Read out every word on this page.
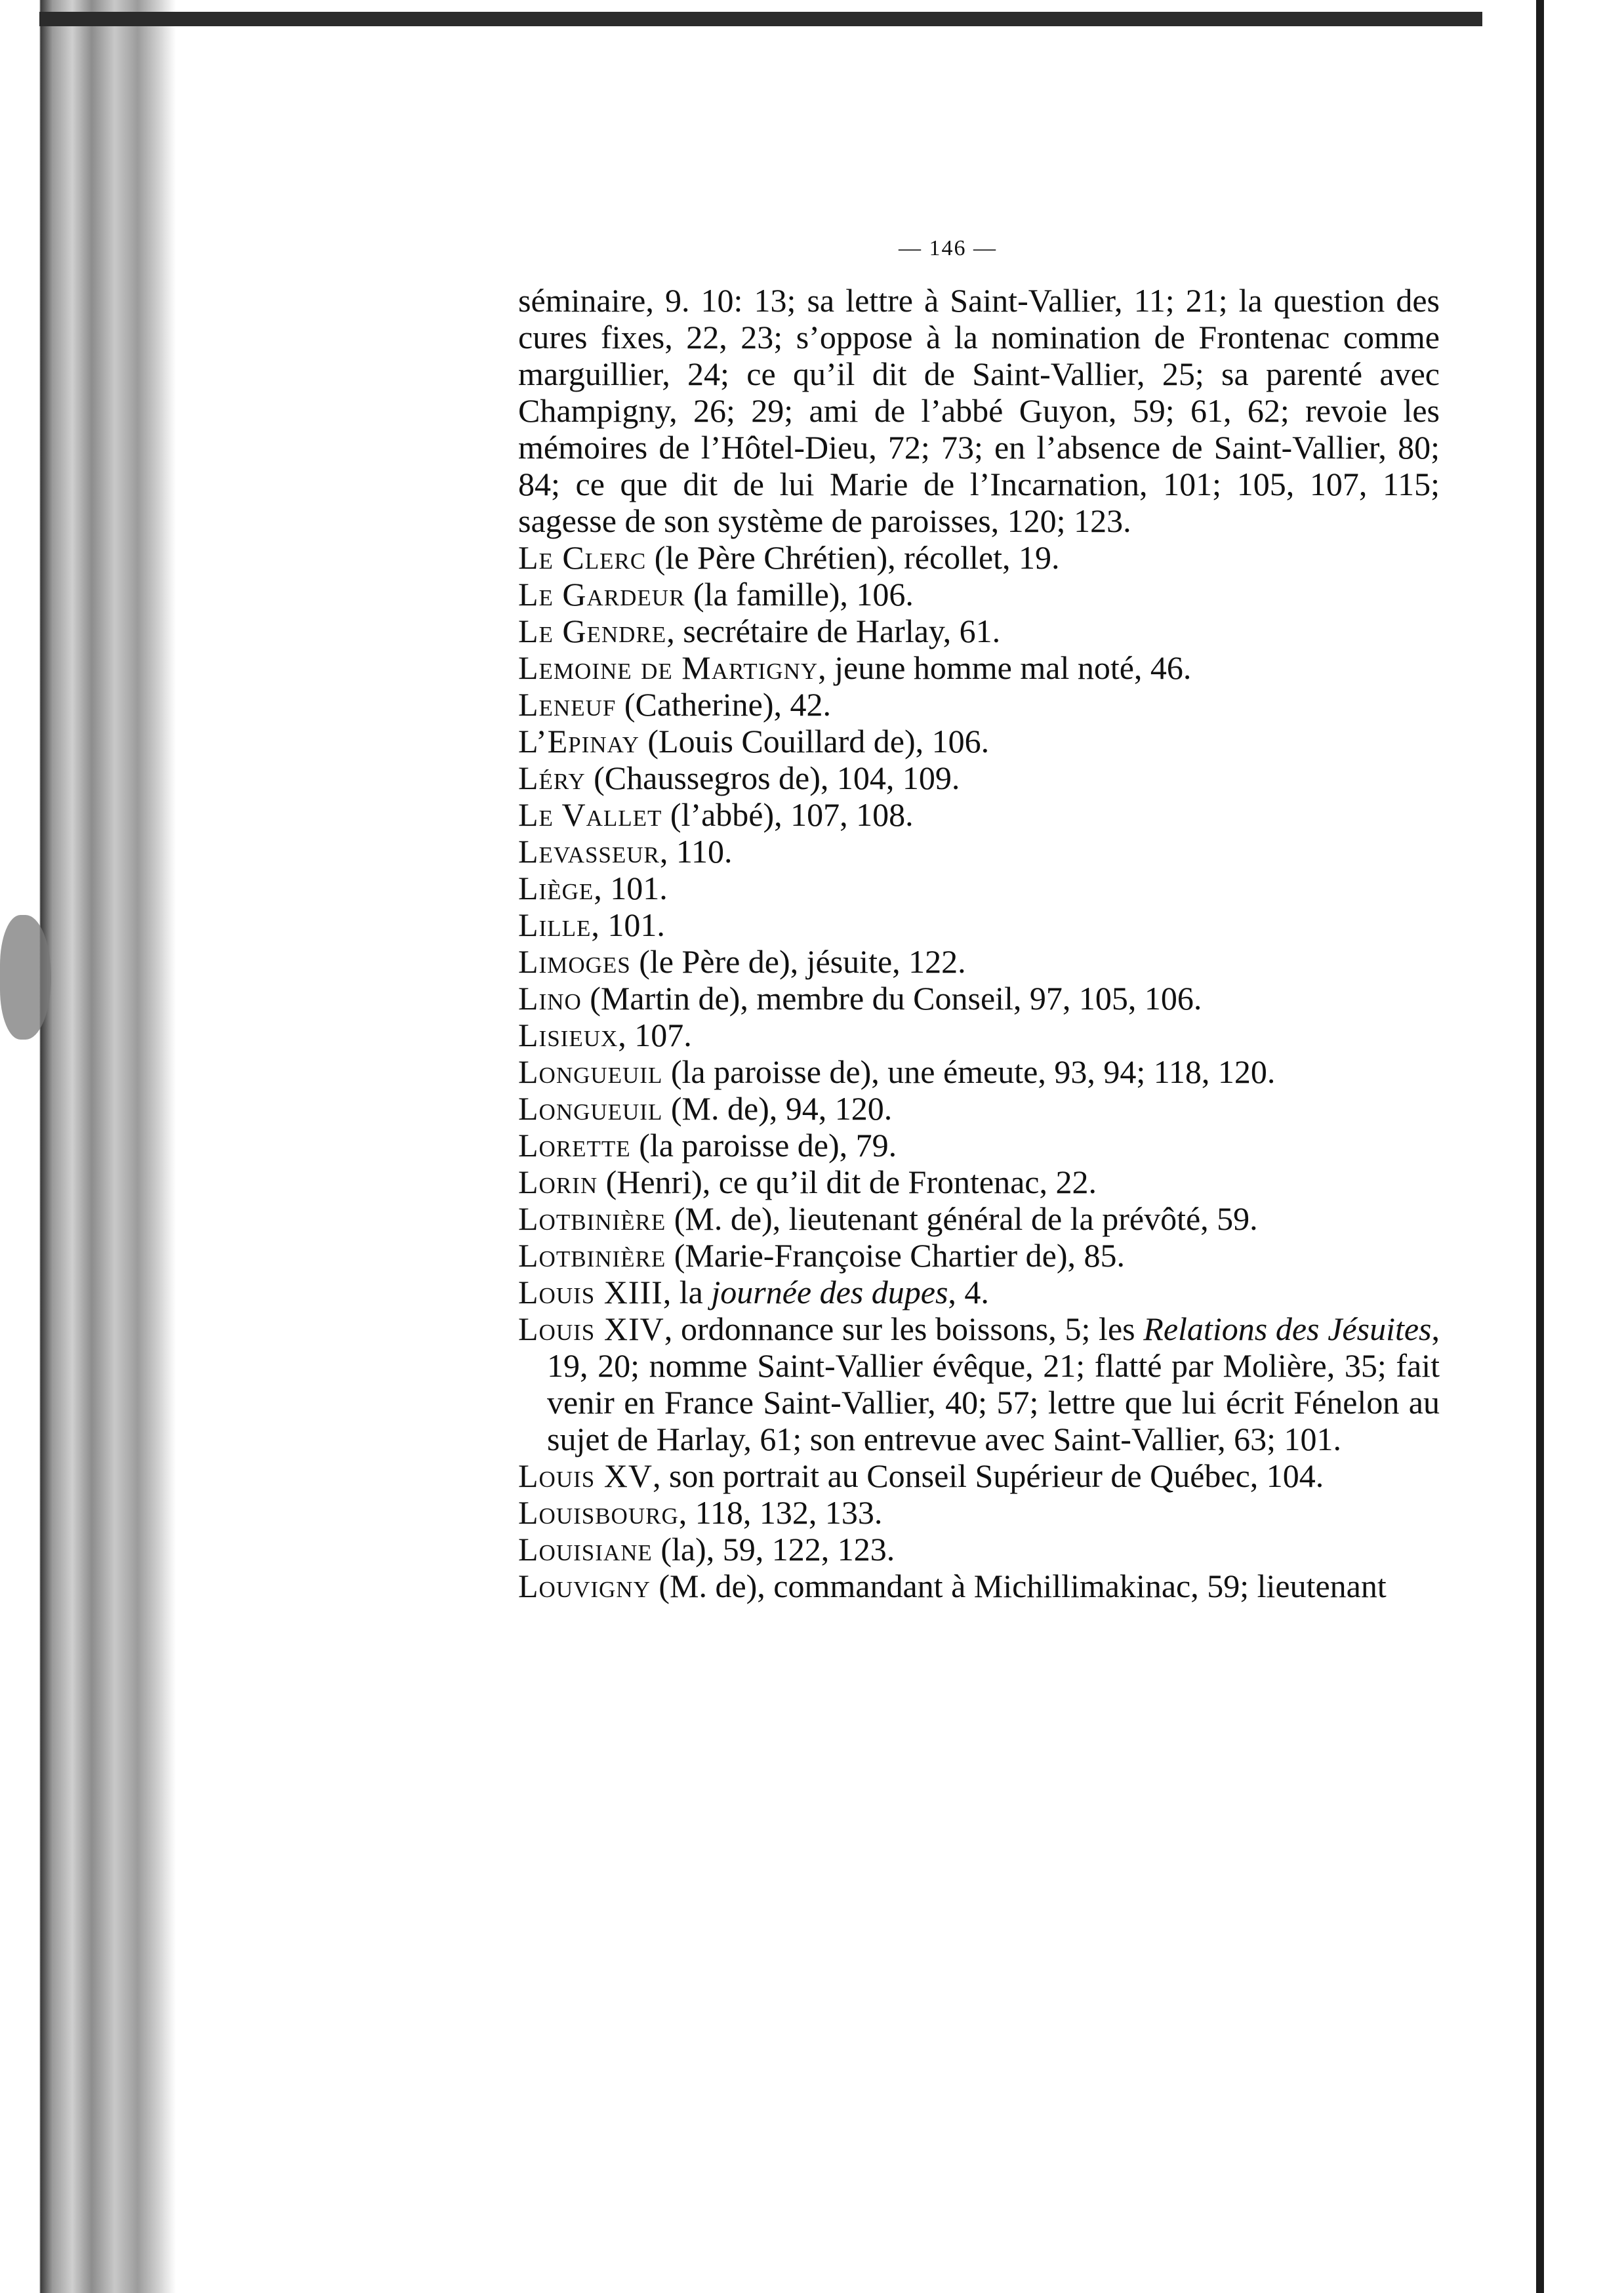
— 146 —

séminaire, 9. 10: 13; sa lettre à Saint-Vallier, 11; 21; la question des cures fixes, 22, 23; s’oppose à la nomination de Frontenac comme marguillier, 24; ce qu’il dit de Saint-Vallier, 25; sa parenté avec Champigny, 26; 29; ami de l’abbé Guyon, 59; 61, 62; revoie les mémoires de l’Hôtel-Dieu, 72; 73; en l’absence de Saint-Vallier, 80; 84; ce que dit de lui Marie de l’Incarnation, 101; 105, 107, 115; sagesse de son système de paroisses, 120; 123.

Le Clerc (le Père Chrétien), récollet, 19.

Le Gardeur (la famille), 106.

Le Gendre, secrétaire de Harlay, 61.

Lemoine de Martigny, jeune homme mal noté, 46.

Leneuf (Catherine), 42.

L’Epinay (Louis Couillard de), 106.

Léry (Chaussegros de), 104, 109.

Le Vallet (l’abbé), 107, 108.

Levasseur, 110.

Liège, 101.

Lille, 101.

Limoges (le Père de), jésuite, 122.

Lino (Martin de), membre du Conseil, 97, 105, 106.

Lisieux, 107.

Longueuil (la paroisse de), une émeute, 93, 94; 118, 120.

Longueuil (M. de), 94, 120.

Lorette (la paroisse de), 79.

Lorin (Henri), ce qu’il dit de Frontenac, 22.

Lotbinière (M. de), lieutenant général de la prévôté, 59.

Lotbinière (Marie-Françoise Chartier de), 85.

Louis XIII, la journée des dupes, 4.

Louis XIV, ordonnance sur les boissons, 5; les Relations des Jésuites, 19, 20; nomme Saint-Vallier évêque, 21; flatté par Molière, 35; fait venir en France Saint-Vallier, 40; 57; lettre que lui écrit Fénelon au sujet de Harlay, 61; son entrevue avec Saint-Vallier, 63; 101.

Louis XV, son portrait au Conseil Supérieur de Québec, 104.

Louisbourg, 118, 132, 133.

Louisiane (la), 59, 122, 123.

Louvigny (M. de), commandant à Michillimakinac, 59; lieutenant
